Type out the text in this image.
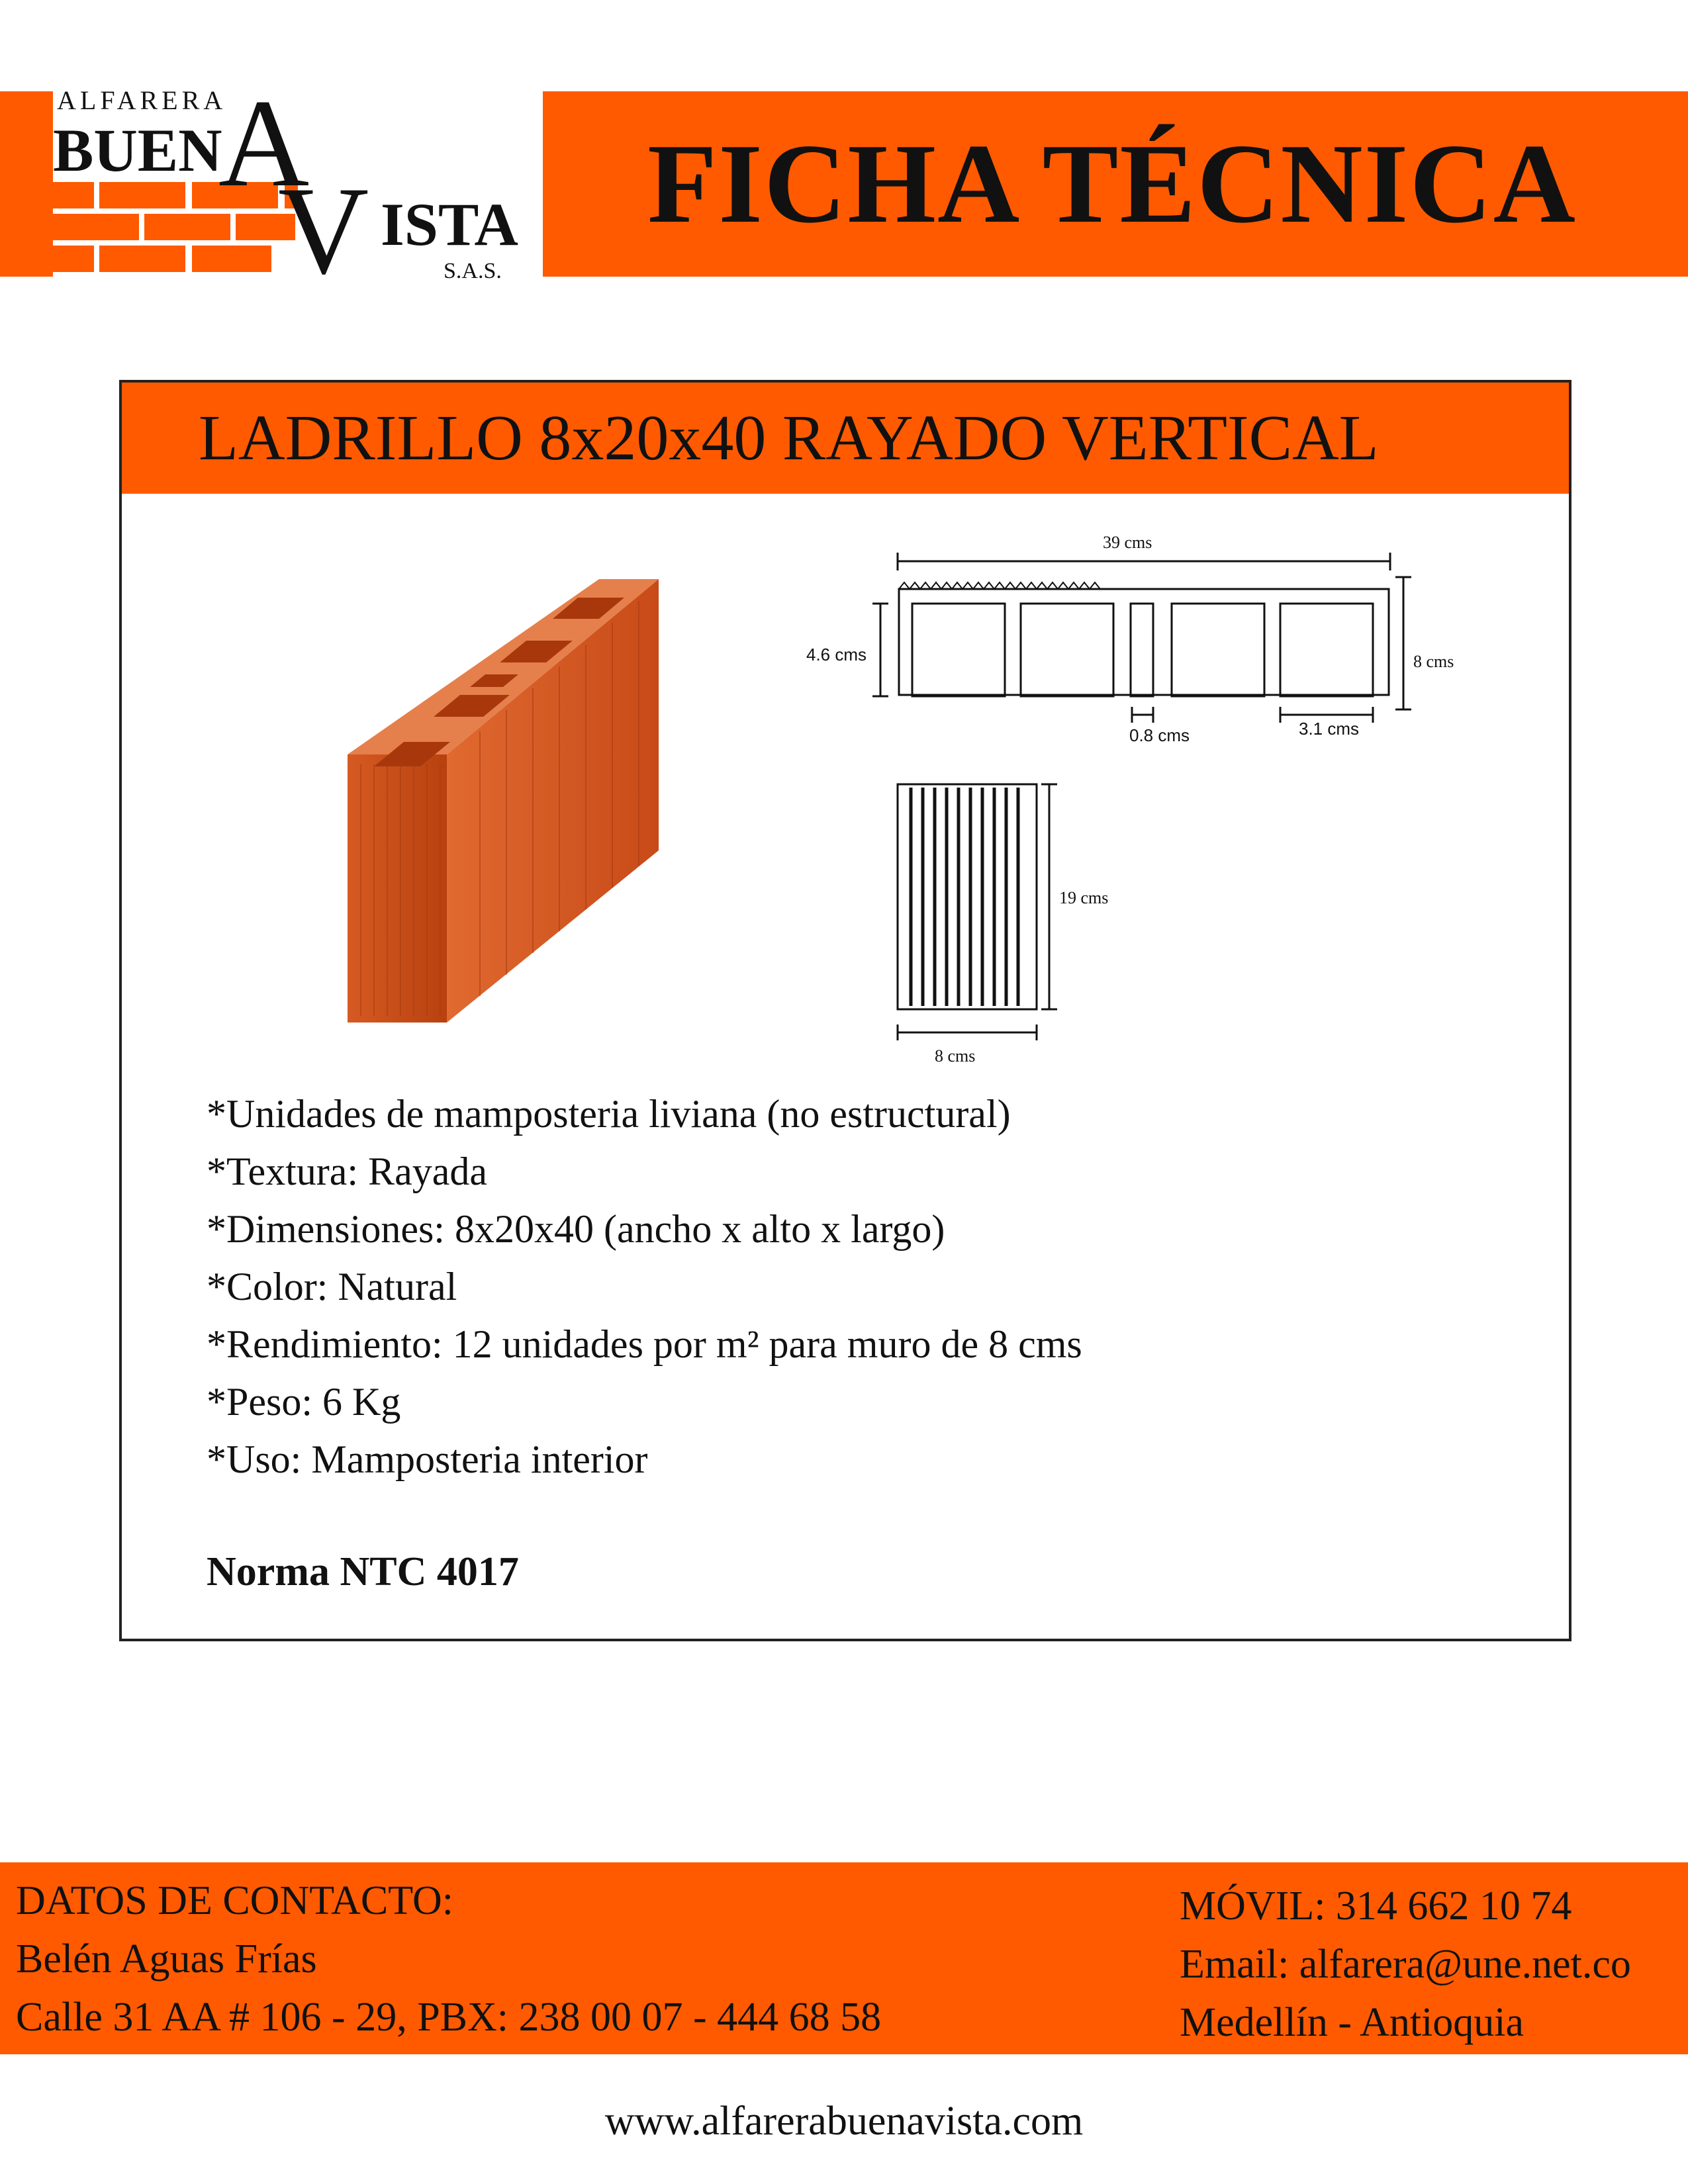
ALFARERA
BUEN
A
V ISTA
S.A.S.
FICHA TÉCNICA
LADRILLO 8x20x40 RAYADO VERTICAL
39 cms
4.6 cms	8 cms
0.8 cms	3.1 cms
19 cms
8 cms
*Unidades de mamposteria liviana (no estructural)
*Textura: Rayada
*Dimensiones: 8x20x40 (ancho x alto x largo)
*Color: Natural
*Rendimiento: 12 unidades por m² para muro de 8 cms
*Peso: 6 Kg
*Uso: Mamposteria interior

Norma NTC 4017

DATOS DE CONTACTO:
Belén Aguas Frías
Calle 31 AA # 106 - 29, PBX: 238 00 07 - 444 68 58
MÓVIL: 314 662 10 74
Email: alfarera@une.net.co
Medellín - Antioquia
www.alfarerabuenavista.com
